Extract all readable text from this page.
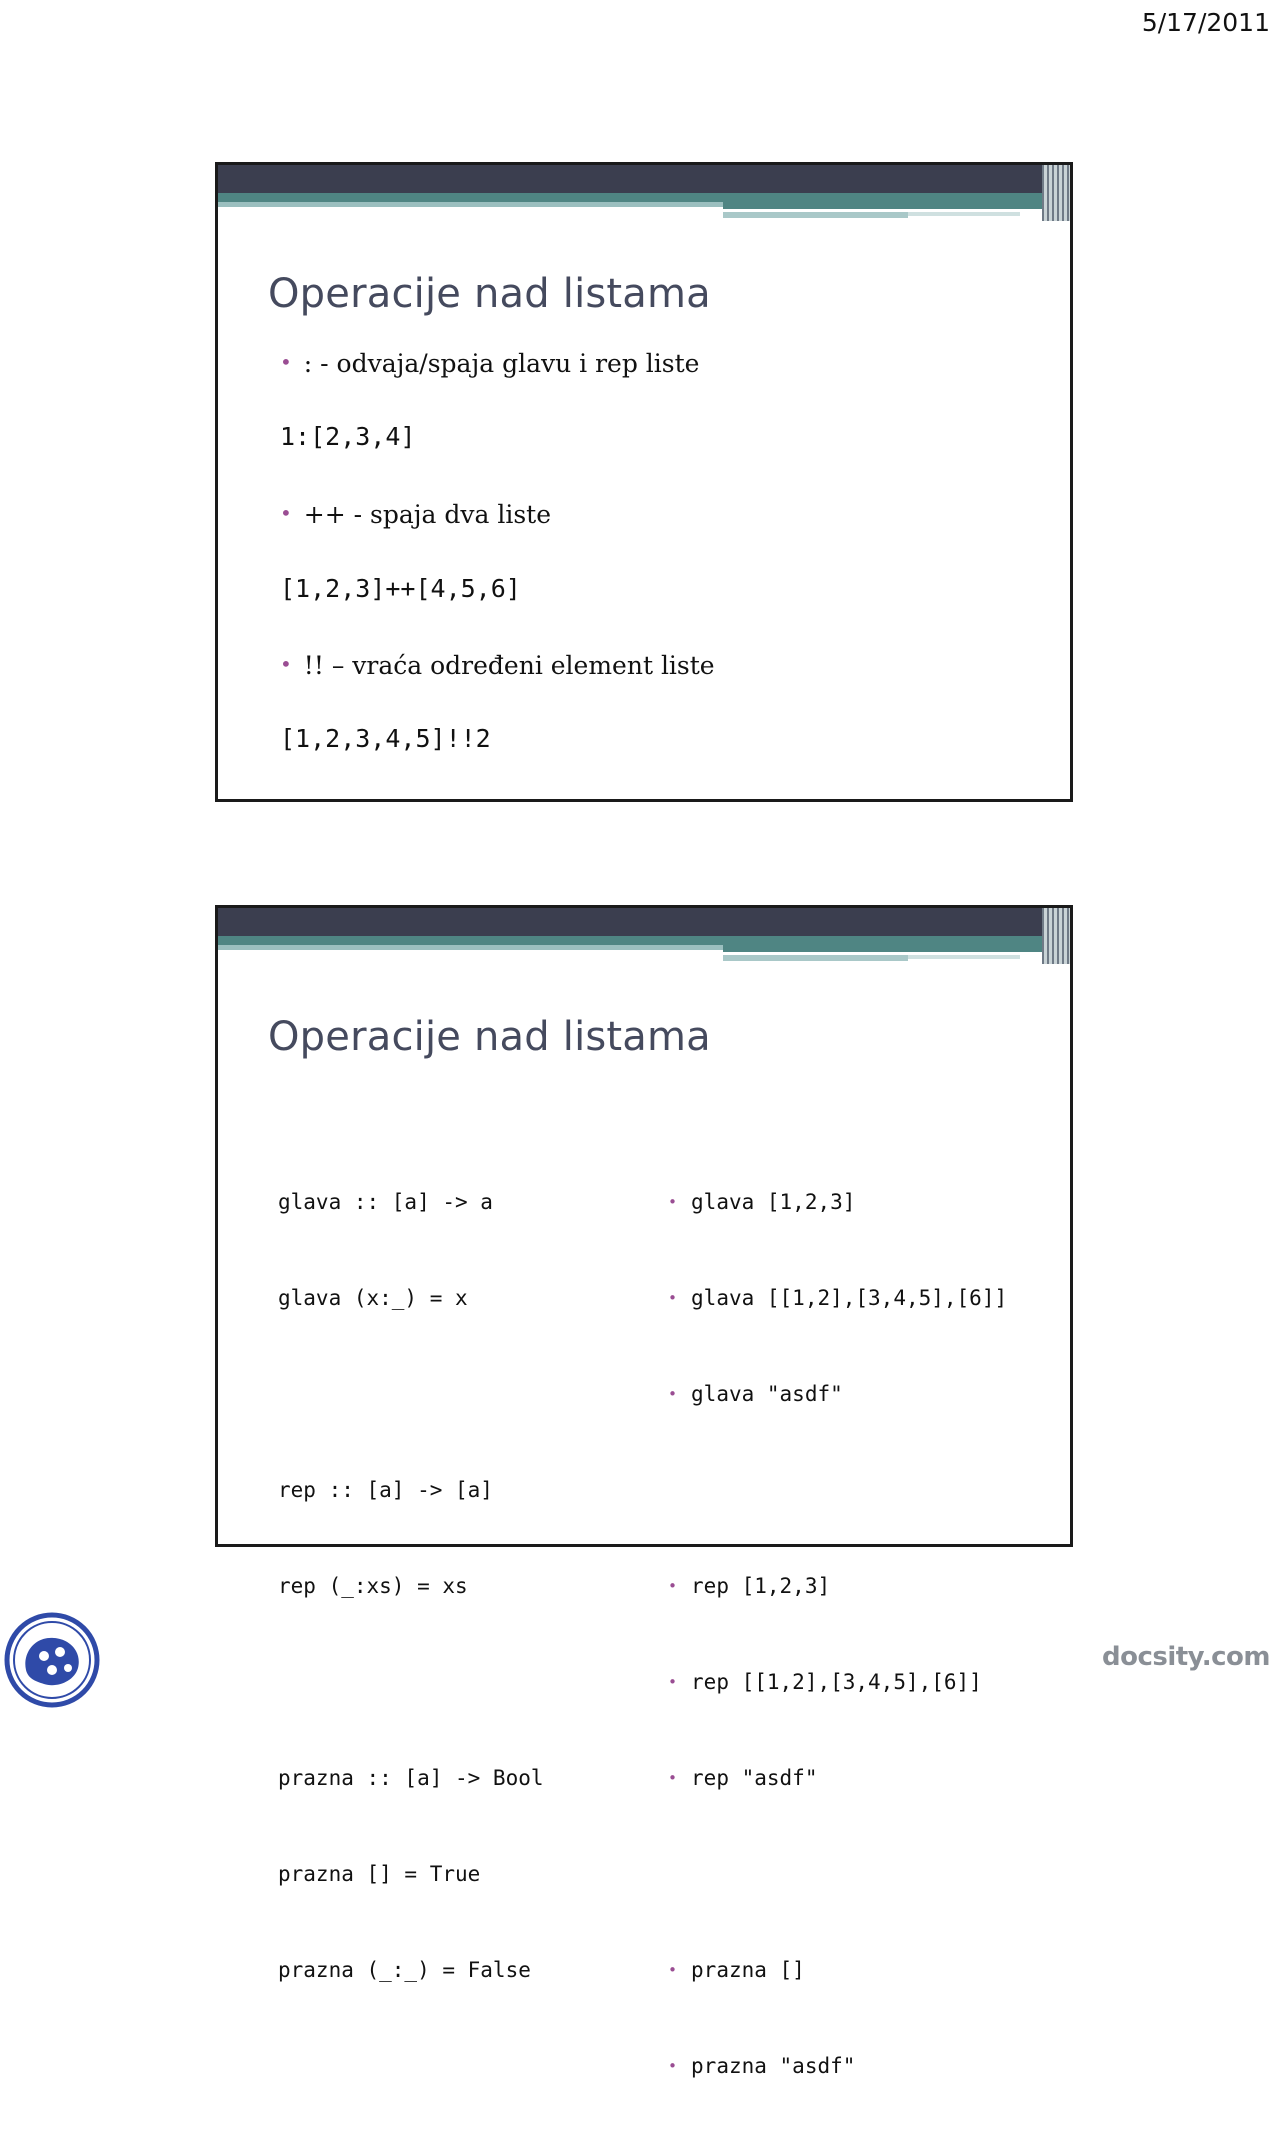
5/17/2011
Operacije nad listama
• : - odvaja/spaja glavu i rep liste
1:[2,3,4]
• ++ - spaja dva liste
[1,2,3]++[4,5,6]
• !! – vraća određeni element liste
[1,2,3,4,5]!!2
Operacije nad listama

glava :: [a] -> a

glava (x:_) = x

rep :: [a] -> [a]

rep (_:xs) = xs

prazna :: [a] -> Bool

prazna [] = True

prazna (_:_) = False

• glava [1,2,3]

• glava [[1,2],[3,4,5],[6]]

• glava "asdf"

• rep [1,2,3]

• rep [[1,2],[3,4,5],[6]]

• rep "asdf"

• prazna []

• prazna "asdf"

docsity.com
